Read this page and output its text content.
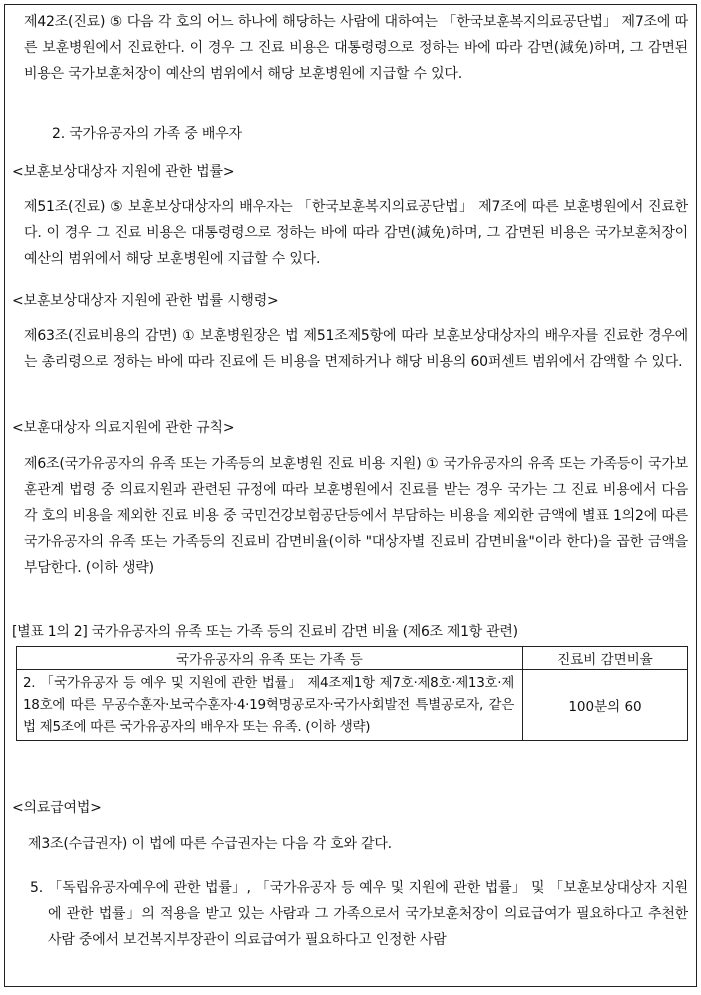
제42조(진료) ⑤ 다음 각 호의 어느 하나에 해당하는 사람에 대하여는 「한국보훈복지의료공단법」 제7조에 따른 보훈병원에서 진료한다. 이 경우 그 진료 비용은 대통령령으로 정하는 바에 따라 감면(減免)하며, 그 감면된 비용은 국가보훈처장이 예산의 범위에서 해당 보훈병원에 지급할 수 있다.
2. 국가유공자의 가족 중 배우자
<보훈보상대상자 지원에 관한 법률>
제51조(진료) ⑤ 보훈보상대상자의 배우자는 「한국보훈복지의료공단법」 제7조에 따른 보훈병원에서 진료한다. 이 경우 그 진료 비용은 대통령령으로 정하는 바에 따라 감면(減免)하며, 그 감면된 비용은 국가보훈처장이 예산의 범위에서 해당 보훈병원에 지급할 수 있다.
<보훈보상대상자 지원에 관한 법률 시행령>
제63조(진료비용의 감면) ① 보훈병원장은 법 제51조제5항에 따라 보훈보상대상자의 배우자를 진료한 경우에는 총리령으로 정하는 바에 따라 진료에 든 비용을 면제하거나 해당 비용의 60퍼센트 범위에서 감액할 수 있다.
<보훈대상자 의료지원에 관한 규칙>
제6조(국가유공자의 유족 또는 가족등의 보훈병원 진료 비용 지원) ① 국가유공자의 유족 또는 가족등이 국가보훈관계 법령 중 의료지원과 관련된 규정에 따라 보훈병원에서 진료를 받는 경우 국가는 그 진료 비용에서 다음 각 호의 비용을 제외한 진료 비용 중 국민건강보험공단등에서 부담하는 비용을 제외한 금액에 별표 1의2에 따른 국가유공자의 유족 또는 가족등의 진료비 감면비율(이하 "대상자별 진료비 감면비율"이라 한다)을 곱한 금액을 부담한다. (이하 생략)
[별표 1의 2] 국가유공자의 유족 또는 가족 등의 진료비 감면 비율 (제6조 제1항 관련)
국가유공자의 유족 또는 가족 등	진료비 감면비율
2. 「국가유공자 등 예우 및 지원에 관한 법률」 제4조제1항 제7호·제8호·제13호·제18호에 따른 무공수훈자·보국수훈자·4·19혁명공로자·국가사회발전 특별공로자, 같은 법 제5조에 따른 국가유공자의 배우자 또는 유족. (이하 생략)	100분의 60
<의료급여법>
제3조(수급권자) 이 법에 따른 수급권자는 다음 각 호와 같다.
5. 「독립유공자예우에 관한 법률」, 「국가유공자 등 예우 및 지원에 관한 법률」 및 「보훈보상대상자 지원에 관한 법률」의 적용을 받고 있는 사람과 그 가족으로서 국가보훈처장이 의료급여가 필요하다고 추천한 사람 중에서 보건복지부장관이 의료급여가 필요하다고 인정한 사람
